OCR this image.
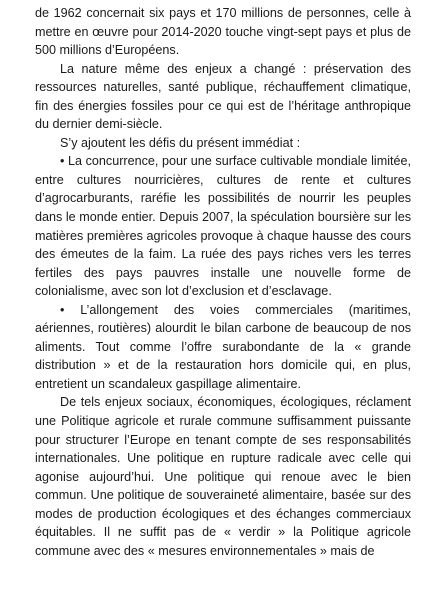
de 1962 concernait six pays et 170 millions de personnes, celle à mettre en œuvre pour 2014-2020 touche vingt-sept pays et plus de 500 millions d’Européens.

La nature même des enjeux a changé : préservation des ressources naturelles, santé publique, réchauffement climatique, fin des énergies fossiles pour ce qui est de l’héritage anthropique du dernier demi-siècle.

S’y ajoutent les défis du présent immédiat :

• La concurrence, pour une surface cultivable mondiale limitée, entre cultures nourricières, cultures de rente et cultures d’agrocarburants, raréfie les possibilités de nourrir les peuples dans le monde entier. Depuis 2007, la spéculation boursière sur les matières premières agricoles provoque à chaque hausse des cours des émeutes de la faim. La ruée des pays riches vers les terres fertiles des pays pauvres installe une nouvelle forme de colonialisme, avec son lot d’exclusion et d’esclavage.

• L’allongement des voies commerciales (maritimes, aériennes, routières) alourdit le bilan carbone de beaucoup de nos aliments. Tout comme l’offre surabondante de la « grande distribution » et de la restauration hors domicile qui, en plus, entretient un scandaleux gaspillage alimentaire.

De tels enjeux sociaux, économiques, écologiques, réclament une Politique agricole et rurale commune suffisamment puissante pour structurer l’Europe en tenant compte de ses responsabilités internationales. Une politique en rupture radicale avec celle qui agonise aujourd’hui. Une politique qui renoue avec le bien commun. Une politique de souveraineté alimentaire, basée sur des modes de production écologiques et des échanges commerciaux équitables. Il ne suffit pas de « verdir » la Politique agricole commune avec des « mesures environnementales » mais de
